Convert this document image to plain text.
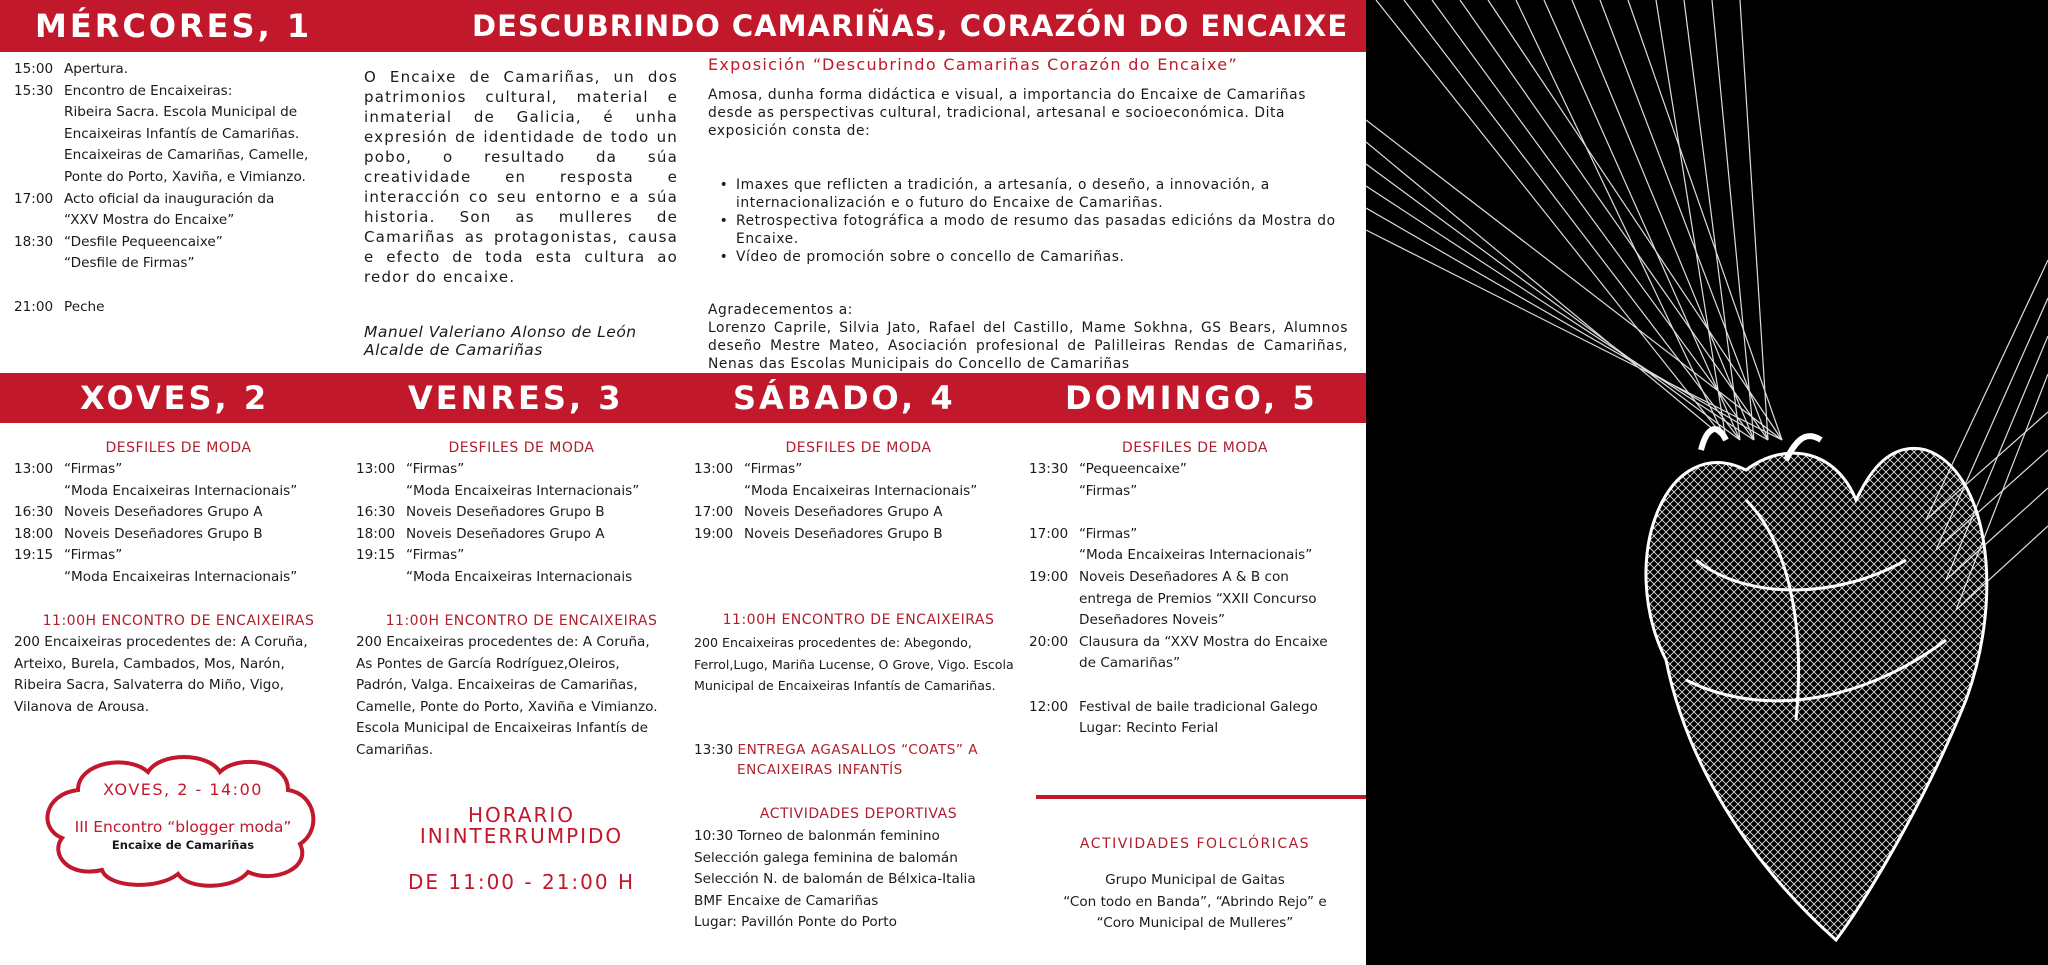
MÉRCORES, 1	DESCUBRINDO CAMARIÑAS, CORAZÓN DO ENCAIXE
15:00 Apertura.
15:30 Encontro de Encaixeiras:
Ribeira Sacra. Escola Municipal de
Encaixeiras Infantís de Camariñas.
Encaixeiras de Camariñas, Camelle,
Ponte do Porto, Xaviña, e Vimianzo.
17:00 Acto oficial da inauguración da
“XXV Mostra do Encaixe”
18:30 “Desfile Pequeencaixe”
“Desfile de Firmas”
21:00 Peche
O Encaixe de Camariñas, un dos patrimonios cultural, material e inmaterial de Galicia, é unha expresión de identidade de todo un pobo, o resultado da súa creatividade en resposta e interacción co seu entorno e a súa historia. Son as mulleres de Camariñas as protagonistas, causa e efecto de toda esta cultura ao redor do encaixe.
Manuel Valeriano Alonso de León
Alcalde de Camariñas
Exposición “Descubrindo Camariñas Corazón do Encaixe”
Amosa, dunha forma didáctica e visual, a importancia do Encaixe de Camariñas desde as perspectivas cultural, tradicional, artesanal e socioeconómica. Dita exposición consta de:
• Imaxes que reflicten a tradición, a artesanía, o deseño, a innovación, a internacionalización e o futuro do Encaixe de Camariñas.
• Retrospectiva fotográfica a modo de resumo das pasadas edicións da Mostra do Encaixe.
• Vídeo de promoción sobre o concello de Camariñas.
Agradecementos a:
Lorenzo Caprile, Silvia Jato, Rafael del Castillo, Mame Sokhna, GS Bears, Alumnos deseño Mestre Mateo, Asociación profesional de Palilleiras Rendas de Camariñas, Nenas das Escolas Municipais do Concello de Camariñas
XOVES, 2	VENRES, 3	SÁBADO, 4	DOMINGO, 5
DESFILES DE MODA
13:00 “Firmas”
“Moda Encaixeiras Internacionais”
16:30 Noveis Deseñadores Grupo A
18:00 Noveis Deseñadores Grupo B
19:15 “Firmas”
“Moda Encaixeiras Internacionais”
11:00H ENCONTRO DE ENCAIXEIRAS
200 Encaixeiras procedentes de: A Coruña,
Arteixo, Burela, Cambados, Mos, Narón,
Ribeira Sacra, Salvaterra do Miño, Vigo,
Vilanova de Arousa.
XOVES, 2 - 14:00
III Encontro “blogger moda”
Encaixe de Camariñas
DESFILES DE MODA
13:00 “Firmas”
“Moda Encaixeiras Internacionais”
16:30 Noveis Deseñadores Grupo B
18:00 Noveis Deseñadores Grupo A
19:15 “Firmas”
“Moda Encaixeiras Internacionais
11:00H ENCONTRO DE ENCAIXEIRAS
200 Encaixeiras procedentes de: A Coruña,
As Pontes de García Rodríguez,Oleiros,
Padrón, Valga. Encaixeiras de Camariñas,
Camelle, Ponte do Porto, Xaviña e Vimianzo.
Escola Municipal de Encaixeiras Infantís de
Camariñas.
HORARIO
ININTERRUMPIDO
DE 11:00 - 21:00 H
DESFILES DE MODA
13:00 “Firmas”
“Moda Encaixeiras Internacionais”
17:00 Noveis Deseñadores Grupo A
19:00 Noveis Deseñadores Grupo B
11:00H ENCONTRO DE ENCAIXEIRAS
200 Encaixeiras procedentes de: Abegondo,
Ferrol,Lugo, Mariña Lucense, O Grove, Vigo. Escola
Municipal de Encaixeiras Infantís de Camariñas.
13:30 ENTREGA AGASALLOS “COATS” A
ENCAIXEIRAS INFANTÍS
ACTIVIDADES DEPORTIVAS
10:30 Torneo de balonmán feminino
Selección galega feminina de balomán
Selección N. de balomán de Bélxica-Italia
BMF Encaixe de Camariñas
Lugar: Pavillón Ponte do Porto
DESFILES DE MODA
13:30 “Pequeencaixe”
“Firmas”
17:00 “Firmas”
“Moda Encaixeiras Internacionais”
19:00 Noveis Deseñadores A & B con
entrega de Premios “XXII Concurso
Deseñadores Noveis”
20:00 Clausura da “XXV Mostra do Encaixe
de Camariñas”
12:00 Festival de baile tradicional Galego
Lugar: Recinto Ferial
ACTIVIDADES FOLCLÓRICAS
Grupo Municipal de Gaitas
“Con todo en Banda”, “Abrindo Rejo” e
“Coro Municipal de Mulleres”
